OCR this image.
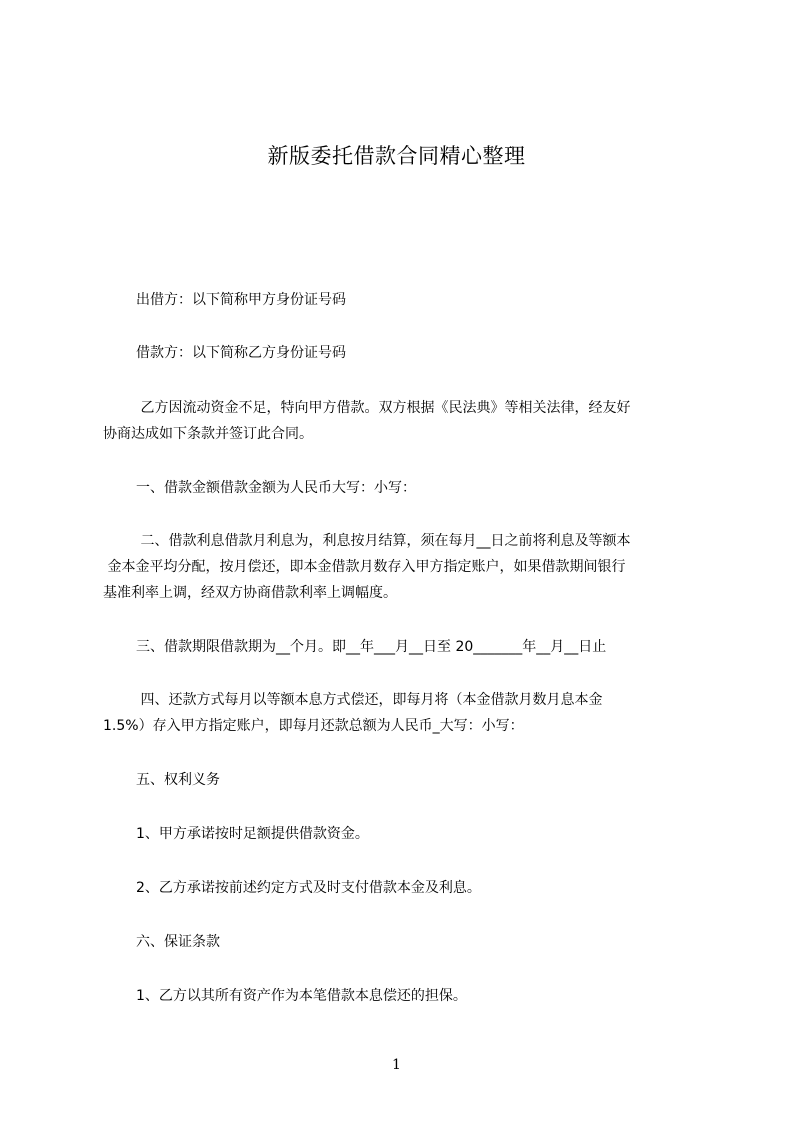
新版委托借款合同精心整理
出借方：以下简称甲方身份证号码
借款方：以下简称乙方身份证号码
乙方因流动资金不足，特向甲方借款。双方根据《民法典》等相关法律，经友好
协商达成如下条款并签订此合同。
一、借款金额借款金额为人民币大写：小写：
二、借款利息借款月利息为，利息按月结算，须在每月__日之前将利息及等额本
金本金平均分配，按月偿还，即本金借款月数存入甲方指定账户，如果借款期间银行
基准利率上调，经双方协商借款利率上调幅度。
三、借款期限借款期为__个月。即__年___月__日至 20_______年__月__日止
四、还款方式每月以等额本息方式偿还，即每月将（本金借款月数月息本金
1.5%）存入甲方指定账户，即每月还款总额为人民币_大写：小写：
五、权利义务
1、甲方承诺按时足额提供借款资金。
2、乙方承诺按前述约定方式及时支付借款本金及利息。
六、保证条款
1、乙方以其所有资产作为本笔借款本息偿还的担保。
1
